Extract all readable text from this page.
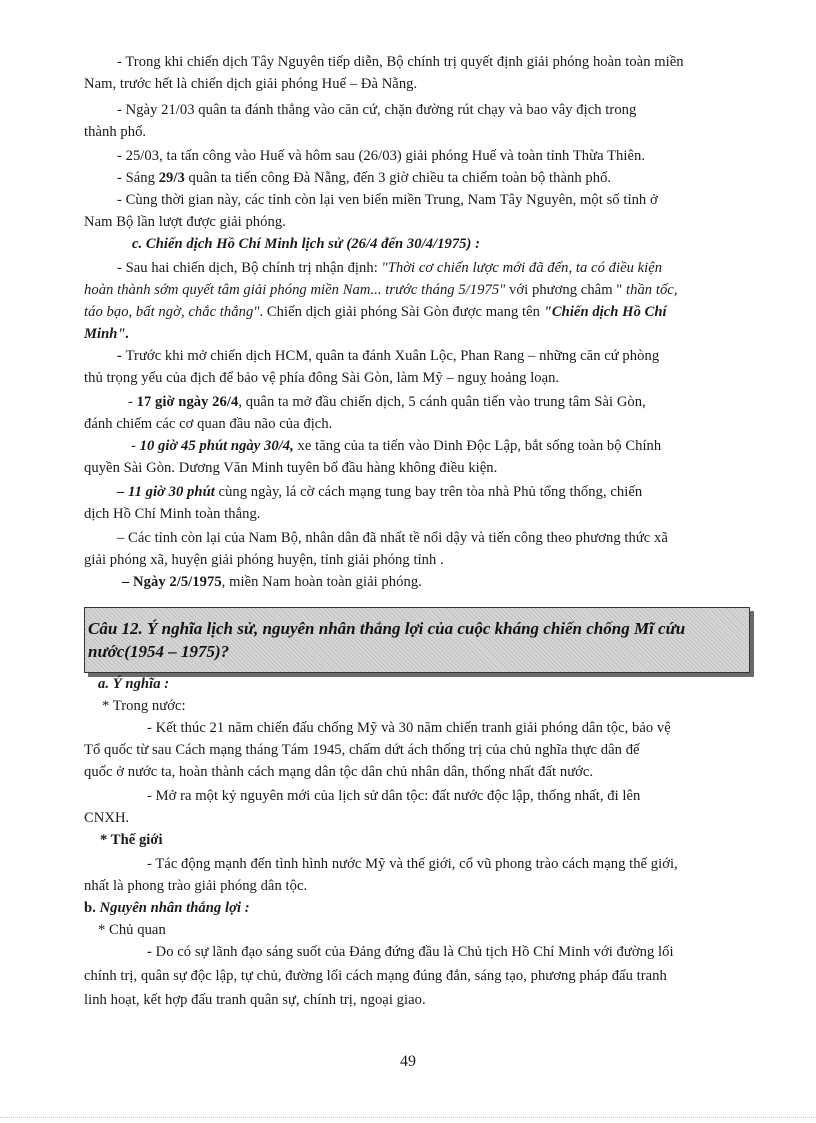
- Trong khi chiến dịch Tây Nguyên tiếp diễn, Bộ chính trị quyết định giải phóng hoàn toàn miền
Nam, trước hết là chiến dịch giải phóng Huế – Đà Nẵng.
- Ngày 21/03 quân ta đánh thẳng vào căn cứ, chặn đường rút chạy và bao vây địch trong
thành phố.
- 25/03, ta tấn công vào Huế và hôm sau (26/03) giải phóng Huế và toàn tỉnh Thừa Thiên.
- Sáng 29/3 quân ta tiến công Đà Nẵng, đến 3 giờ chiều ta chiếm toàn bộ thành phố.
- Cùng thời gian này, các tỉnh còn lại ven biển miền Trung, Nam Tây Nguyên, một số tỉnh ở
Nam Bộ lần lượt được giải phóng.
c. Chiến dịch Hồ Chí Minh lịch sử (26/4 đến 30/4/1975) :
- Sau hai chiến dịch, Bộ chính trị nhận định: "Thời cơ chiến lược mới đã đến, ta có điều kiện
hoàn thành sớm quyết tâm giải phóng miền Nam... trước tháng 5/1975" với phương châm " thần tốc,
táo bạo, bất ngờ, chắc thắng". Chiến dịch giải phóng Sài Gòn được mang tên "Chiến dịch Hồ Chí
Minh".
- Trước khi mở chiến dịch HCM, quân ta đánh Xuân Lộc, Phan Rang – những căn cứ phòng
thủ trọng yếu của địch để bảo vệ phía đông Sài Gòn, làm Mỹ – nguỵ hoảng loạn.
- 17 giờ ngày 26/4, quân ta mở đầu chiến dịch, 5 cánh quân tiến vào trung tâm Sài Gòn,
đánh chiếm các cơ quan đầu não của địch.
- 10 giờ 45 phút ngày 30/4, xe tăng của ta tiến vào Dinh Độc Lập, bắt sống toàn bộ Chính
quyền Sài Gòn. Dương Văn Minh tuyên bố đầu hàng không điều kiện.
– 11 giờ 30 phút cùng ngày, lá cờ cách mạng tung bay trên tòa nhà Phủ tổng thống, chiến
dịch Hồ Chí Minh toàn thắng.
– Các tỉnh còn lại của Nam Bộ, nhân dân đã nhất tề nổi dậy và tiến công theo phương thức xã
giải phóng xã, huyện giải phóng huyện, tỉnh giải phóng tỉnh .
– Ngày 2/5/1975, miền Nam hoàn toàn giải phóng.
Câu 12. Ý nghĩa lịch sử, nguyên nhân thắng lợi của cuộc kháng chiến chống Mĩ cứu
nước(1954 – 1975)?
a. Ý nghĩa :
* Trong nước:
- Kết thúc 21 năm chiến đấu chống Mỹ và 30 năm chiến tranh giải phóng dân tộc, bảo vệ
Tổ quốc từ sau Cách mạng tháng Tám 1945, chấm dứt ách thống trị của chủ nghĩa thực dân đế
quốc ở nước ta, hoàn thành cách mạng dân tộc dân chủ nhân dân, thống nhất đất nước.
- Mở ra một kỷ nguyên mới của lịch sử dân tộc: đất nước độc lập, thống nhất, đi lên
CNXH.
* Thế giới
- Tác động mạnh đến tình hình nước Mỹ và thế giới, cổ vũ phong trào cách mạng thế giới,
nhất là phong trào giải phóng dân tộc.
b. Nguyên nhân thắng lợi :
* Chủ quan
- Do có sự lãnh đạo sáng suốt của Đảng đứng đầu là Chủ tịch Hồ Chí Minh với đường lối
chính trị, quân sự độc lập, tự chủ, đường lối cách mạng đúng đắn, sáng tạo, phương pháp đấu tranh
linh hoạt, kết hợp đấu tranh quân sự, chính trị, ngoại giao.
49
